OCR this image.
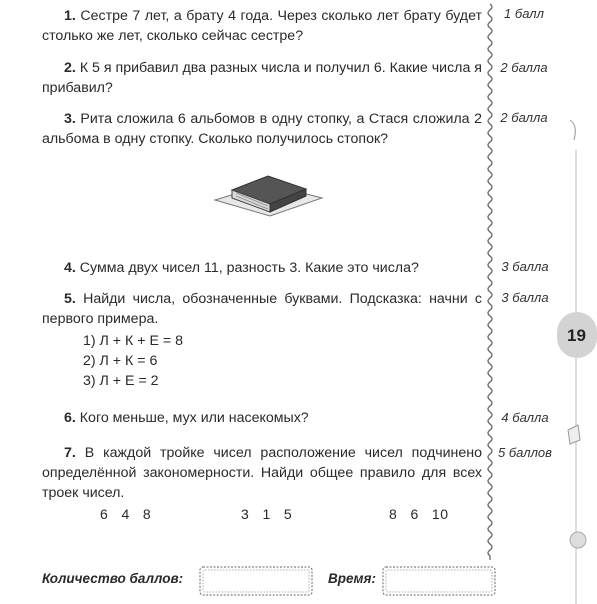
1. Сестре 7 лет, а брату 4 года. Через сколько лет брату будет столько же лет, сколько сейчас сестре?
1 балл
2. К 5 я прибавил два разных числа и получил 6. Какие числа я прибавил?
2 балла
3. Рита сложила 6 альбомов в одну стопку, а Стася сложила 2 альбома в одну стопку. Сколько получилось стопок?
2 балла
4. Сумма двух чисел 11, разность 3. Какие это числа?	3 балла
5. Найди числа, обозначенные буквами. Подсказка: начни с первого примера.
3 балла
1) Л + К + Е = 8
2) Л + К = 6
3) Л + Е = 2
6. Кого меньше, мух или насекомых?	4 балла
7. В каждой тройке чисел расположение чисел подчинено определённой закономерности. Найди общее правило для всех троек чисел.
5 баллов
6   4   8	3   1   5	8   6   10
Количество баллов:	Время:
19
